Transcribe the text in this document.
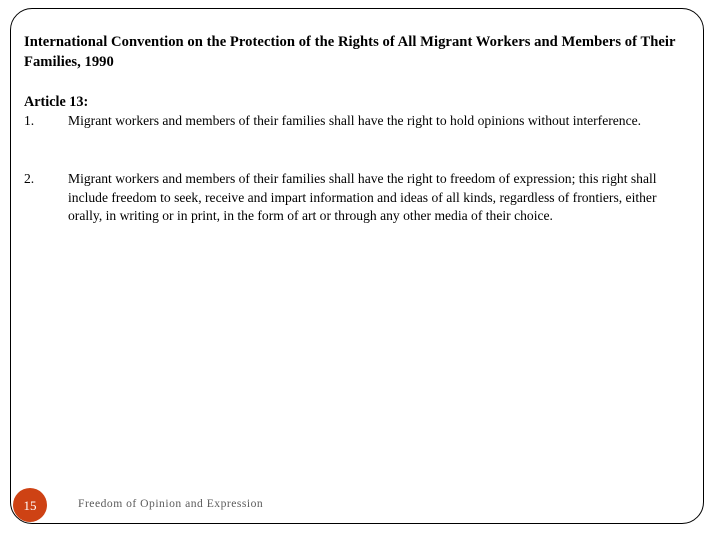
International Convention on the Protection of the Rights of All Migrant Workers and Members of Their Families, 1990
Article 13:
1.	Migrant workers and members of their families shall have the right to hold opinions without interference.
2.	Migrant workers and members of their families shall have the right to freedom of expression; this right shall include freedom to seek, receive and impart information and ideas of all kinds, regardless of frontiers, either orally, in writing or in print, in the form of art or through any other media of their choice.
15	Freedom of Opinion and Expression
